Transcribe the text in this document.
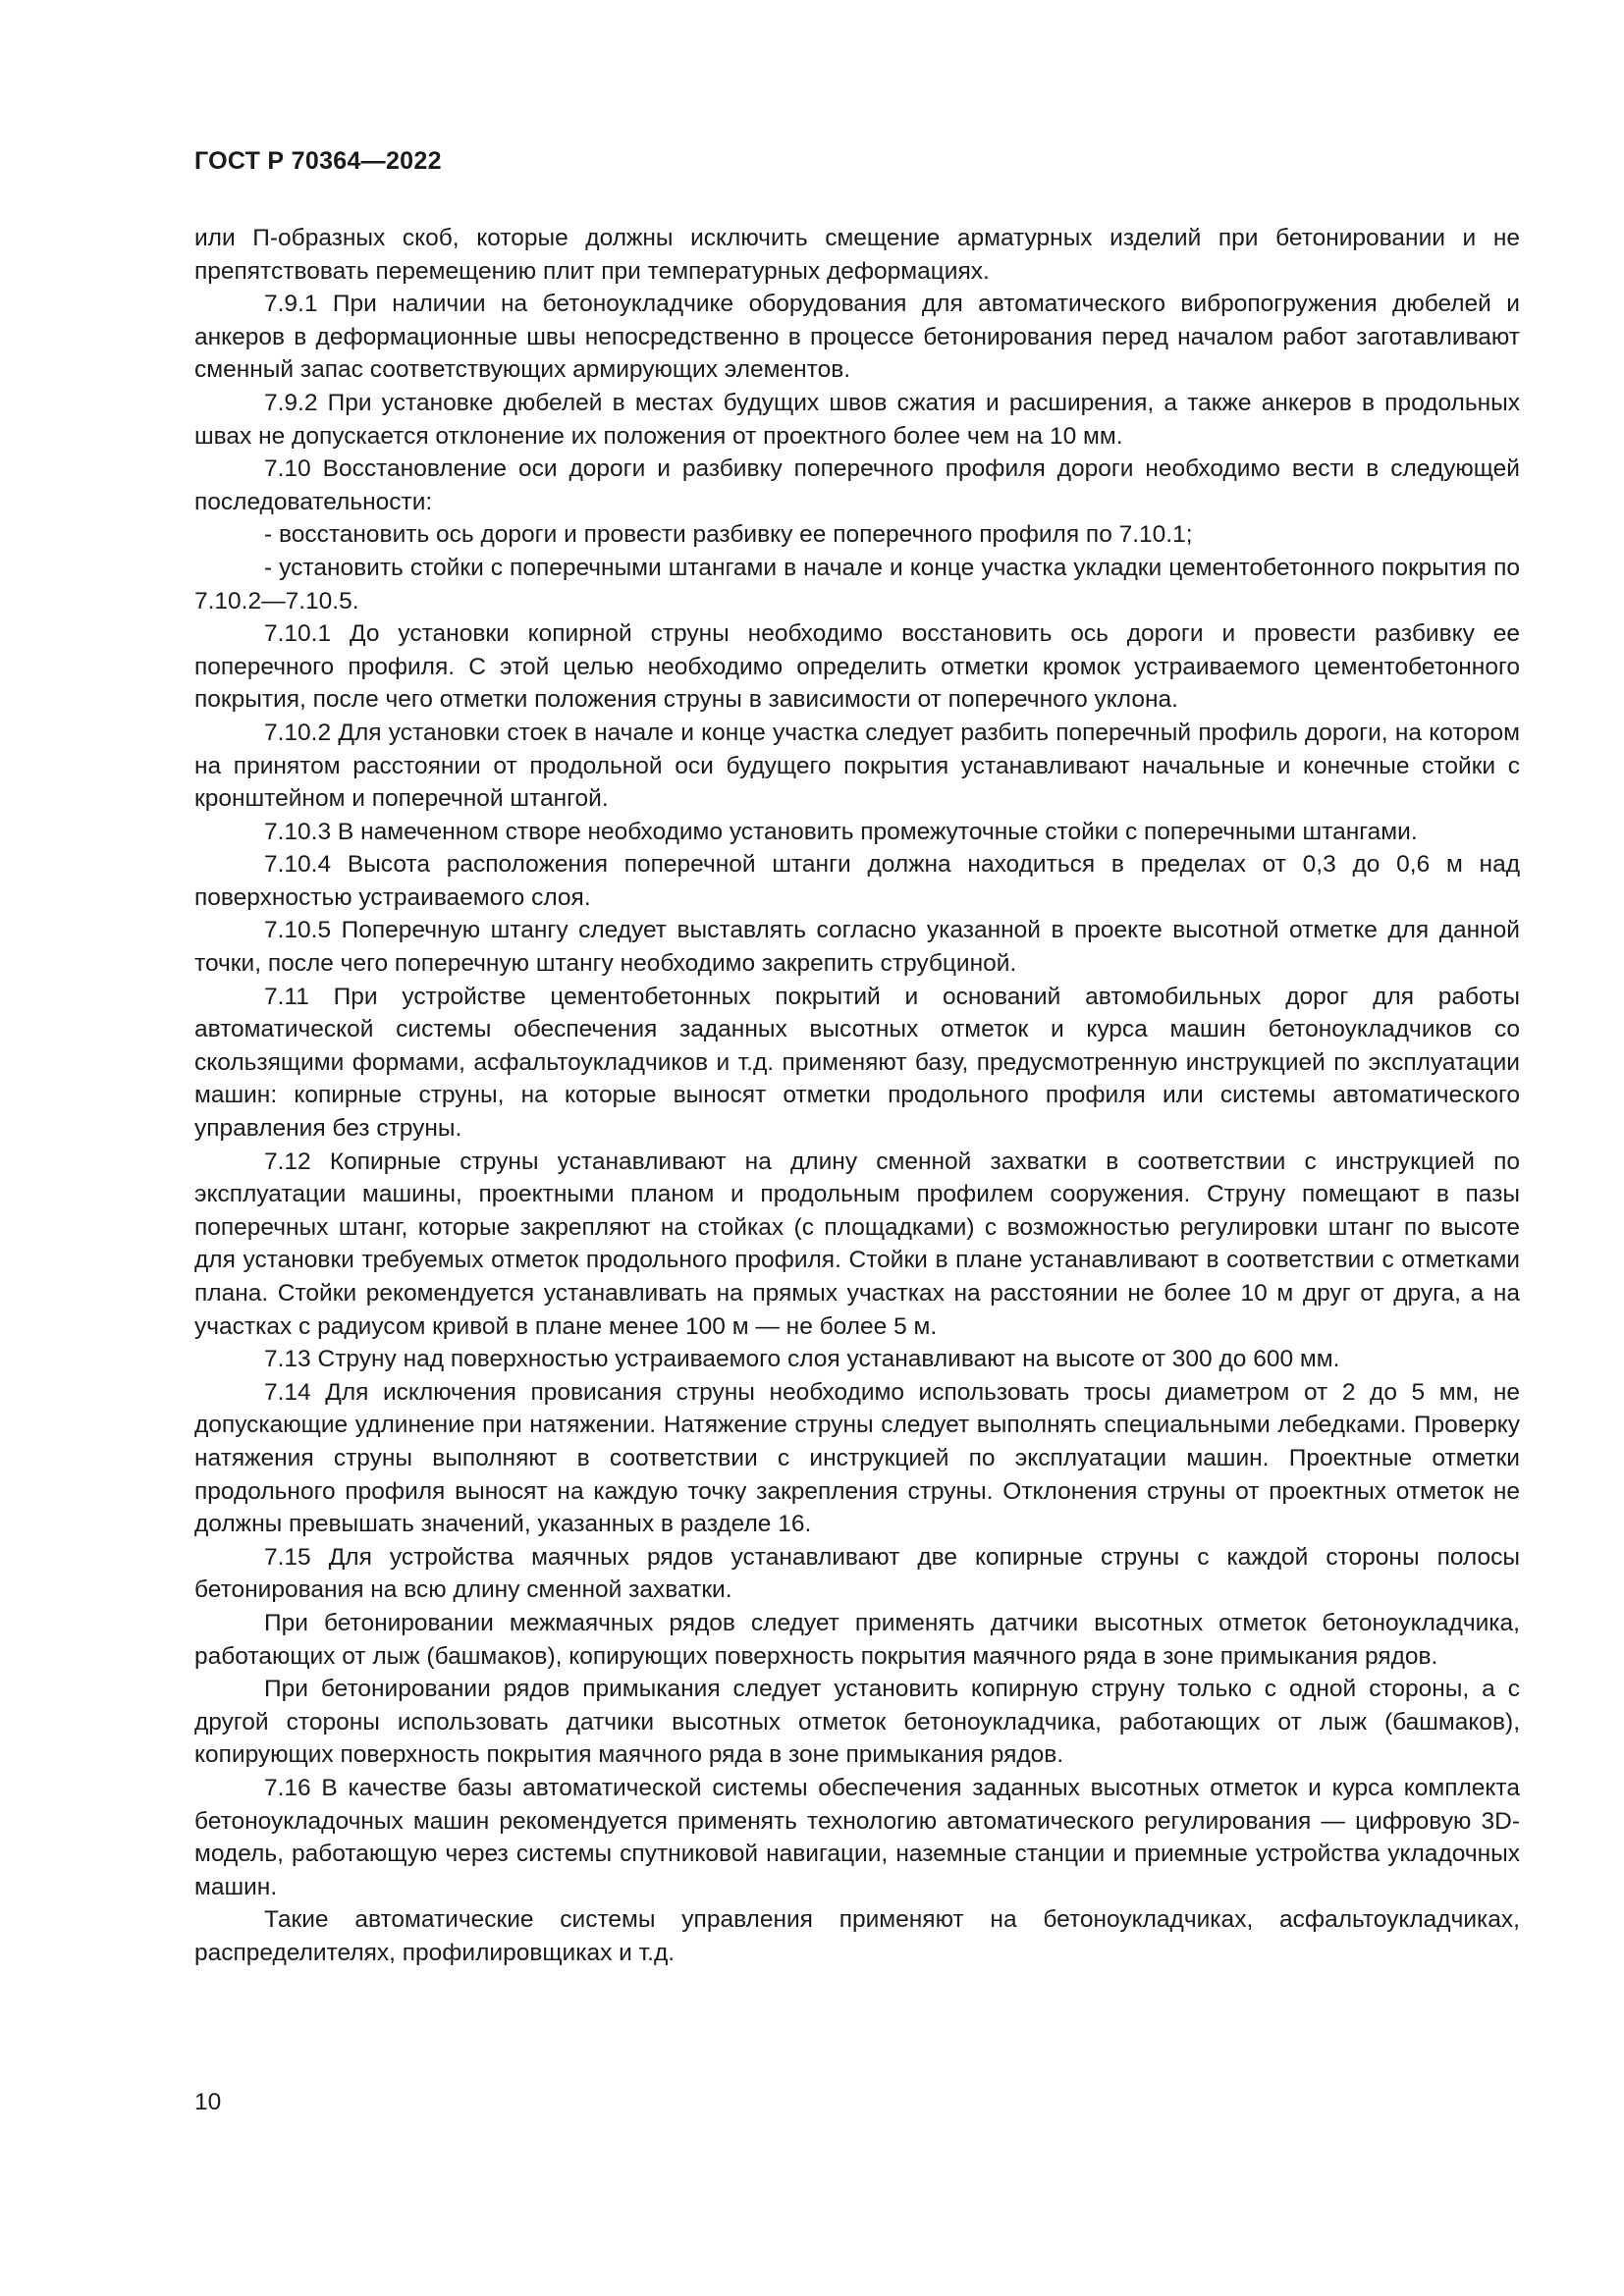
ГОСТ Р 70364—2022

или П-образных скоб, которые должны исключить смещение арматурных изделий при бетонировании и не препятствовать перемещению плит при температурных деформациях.

7.9.1 При наличии на бетоноукладчике оборудования для автоматического вибропогружения дюбелей и анкеров в деформационные швы непосредственно в процессе бетонирования перед началом работ заготавливают сменный запас соответствующих армирующих элементов.

7.9.2 При установке дюбелей в местах будущих швов сжатия и расширения, а также анкеров в продольных швах не допускается отклонение их положения от проектного более чем на 10 мм.

7.10 Восстановление оси дороги и разбивку поперечного профиля дороги необходимо вести в следующей последовательности:

- восстановить ось дороги и провести разбивку ее поперечного профиля по 7.10.1;

- установить стойки с поперечными штангами в начале и конце участка укладки цементобетонного покрытия по 7.10.2—7.10.5.

7.10.1 До установки копирной струны необходимо восстановить ось дороги и провести разбивку ее поперечного профиля. С этой целью необходимо определить отметки кромок устраиваемого цементобетонного покрытия, после чего отметки положения струны в зависимости от поперечного уклона.

7.10.2 Для установки стоек в начале и конце участка следует разбить поперечный профиль дороги, на котором на принятом расстоянии от продольной оси будущего покрытия устанавливают начальные и конечные стойки с кронштейном и поперечной штангой.

7.10.3 В намеченном створе необходимо установить промежуточные стойки с поперечными штангами.

7.10.4 Высота расположения поперечной штанги должна находиться в пределах от 0,3 до 0,6 м над поверхностью устраиваемого слоя.

7.10.5 Поперечную штангу следует выставлять согласно указанной в проекте высотной отметке для данной точки, после чего поперечную штангу необходимо закрепить струбциной.

7.11 При устройстве цементобетонных покрытий и оснований автомобильных дорог для работы автоматической системы обеспечения заданных высотных отметок и курса машин бетоноукладчиков со скользящими формами, асфальтоукладчиков и т.д. применяют базу, предусмотренную инструкцией по эксплуатации машин: копирные струны, на которые выносят отметки продольного профиля или системы автоматического управления без струны.

7.12 Копирные струны устанавливают на длину сменной захватки в соответствии с инструкцией по эксплуатации машины, проектными планом и продольным профилем сооружения. Струну помещают в пазы поперечных штанг, которые закрепляют на стойках (с площадками) с возможностью регулировки штанг по высоте для установки требуемых отметок продольного профиля. Стойки в плане устанавливают в соответствии с отметками плана. Стойки рекомендуется устанавливать на прямых участках на расстоянии не более 10 м друг от друга, а на участках с радиусом кривой в плане менее 100 м — не более 5 м.

7.13 Струну над поверхностью устраиваемого слоя устанавливают на высоте от 300 до 600 мм.

7.14 Для исключения провисания струны необходимо использовать тросы диаметром от 2 до 5 мм, не допускающие удлинение при натяжении. Натяжение струны следует выполнять специальными лебедками. Проверку натяжения струны выполняют в соответствии с инструкцией по эксплуатации машин. Проектные отметки продольного профиля выносят на каждую точку закрепления струны. Отклонения струны от проектных отметок не должны превышать значений, указанных в разделе 16.

7.15 Для устройства маячных рядов устанавливают две копирные струны с каждой стороны полосы бетонирования на всю длину сменной захватки.

При бетонировании межмаячных рядов следует применять датчики высотных отметок бетоноукладчика, работающих от лыж (башмаков), копирующих поверхность покрытия маячного ряда в зоне примыкания рядов.

При бетонировании рядов примыкания следует установить копирную струну только с одной стороны, а с другой стороны использовать датчики высотных отметок бетоноукладчика, работающих от лыж (башмаков), копирующих поверхность покрытия маячного ряда в зоне примыкания рядов.

7.16 В качестве базы автоматической системы обеспечения заданных высотных отметок и курса комплекта бетоноукладочных машин рекомендуется применять технологию автоматического регулирования — цифровую 3D-модель, работающую через системы спутниковой навигации, наземные станции и приемные устройства укладочных машин.

Такие автоматические системы управления применяют на бетоноукладчиках, асфальтоукладчиках, распределителях, профилировщиках и т.д.

10
